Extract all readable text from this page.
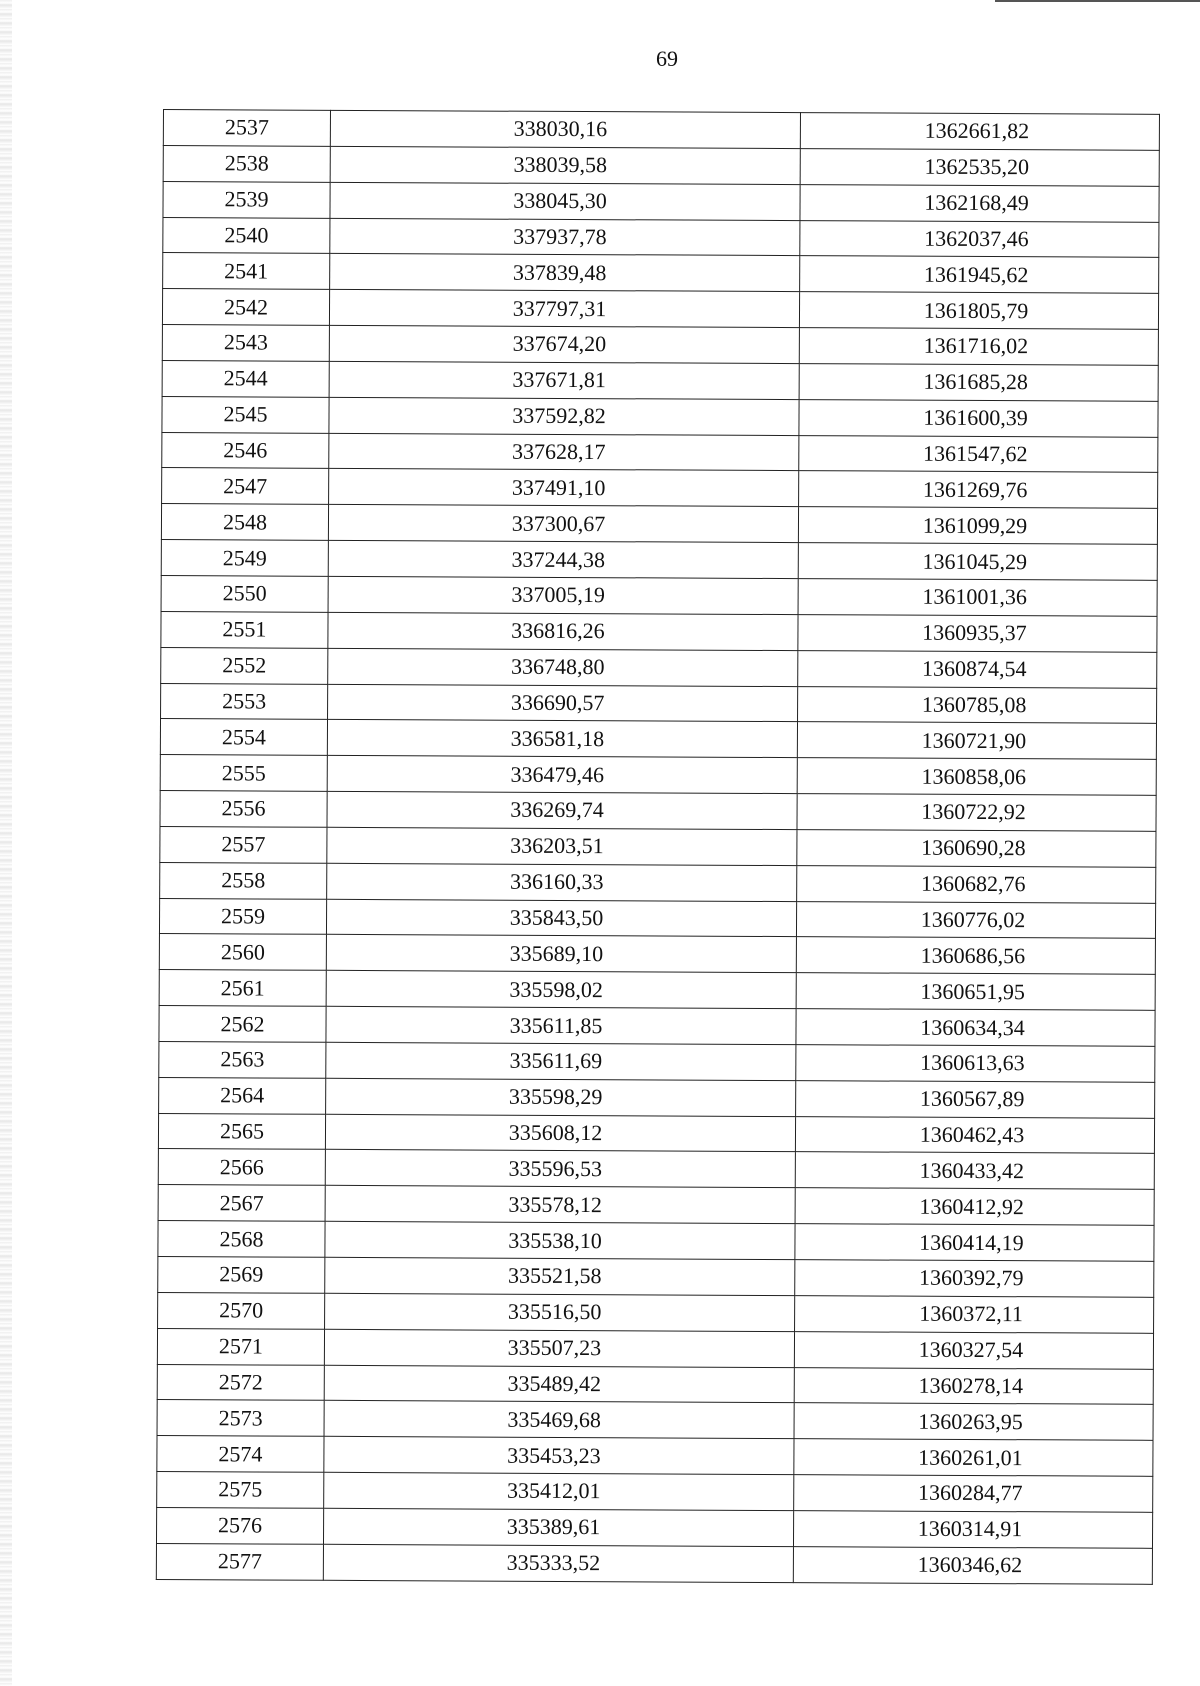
69
2537	338030,16	1362661,82
2538	338039,58	1362535,20
2539	338045,30	1362168,49
2540	337937,78	1362037,46
2541	337839,48	1361945,62
2542	337797,31	1361805,79
2543	337674,20	1361716,02
2544	337671,81	1361685,28
2545	337592,82	1361600,39
2546	337628,17	1361547,62
2547	337491,10	1361269,76
2548	337300,67	1361099,29
2549	337244,38	1361045,29
2550	337005,19	1361001,36
2551	336816,26	1360935,37
2552	336748,80	1360874,54
2553	336690,57	1360785,08
2554	336581,18	1360721,90
2555	336479,46	1360858,06
2556	336269,74	1360722,92
2557	336203,51	1360690,28
2558	336160,33	1360682,76
2559	335843,50	1360776,02
2560	335689,10	1360686,56
2561	335598,02	1360651,95
2562	335611,85	1360634,34
2563	335611,69	1360613,63
2564	335598,29	1360567,89
2565	335608,12	1360462,43
2566	335596,53	1360433,42
2567	335578,12	1360412,92
2568	335538,10	1360414,19
2569	335521,58	1360392,79
2570	335516,50	1360372,11
2571	335507,23	1360327,54
2572	335489,42	1360278,14
2573	335469,68	1360263,95
2574	335453,23	1360261,01
2575	335412,01	1360284,77
2576	335389,61	1360314,91
2577	335333,52	1360346,62
